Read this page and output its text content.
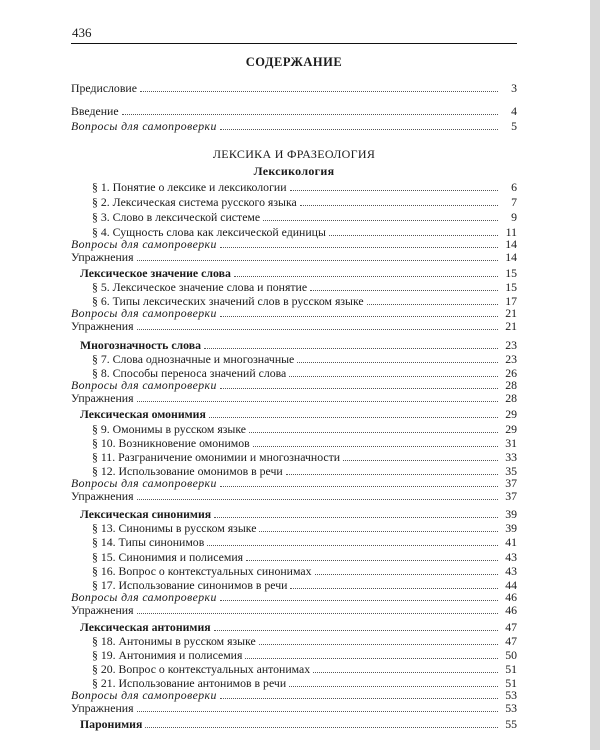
436
СОДЕРЖАНИЕ
ЛЕКСИКА И ФРАЗЕОЛОГИЯ
Лексикология
Предисловие	3
Введение	4
Вопросы для самопроверки	5
§ 1. Понятие о лексике и лексикологии	6
§ 2. Лексическая система русского языка	7
§ 3. Слово в лексической системе	9
§ 4. Сущность слова как лексической единицы	11
Вопросы для самопроверки	14
Упражнения	14
Лексическое значение слова	15
§ 5. Лексическое значение слова и понятие	15
§ 6. Типы лексических значений слов в русском языке	17
Вопросы для самопроверки	21
Упражнения	21
Многозначность слова	23
§ 7. Слова однозначные и многозначные	23
§ 8. Способы переноса значений слова	26
Вопросы для самопроверки	28
Упражнения	28
Лексическая омонимия	29
§ 9. Омонимы в русском языке	29
§ 10. Возникновение омонимов	31
§ 11. Разграничение омонимии и многозначности	33
§ 12. Использование омонимов в речи	35
Вопросы для самопроверки	37
Упражнения	37
Лексическая синонимия	39
§ 13. Синонимы в русском языке	39
§ 14. Типы синонимов	41
§ 15. Синонимия и полисемия	43
§ 16. Вопрос о контекстуальных синонимах	43
§ 17. Использование синонимов в речи	44
Вопросы для самопроверки	46
Упражнения	46
Лексическая антонимия	47
§ 18. Антонимы в русском языке	47
§ 19. Антонимия и полисемия	50
§ 20. Вопрос о контекстуальных антонимах	51
§ 21. Использование антонимов в речи	51
Вопросы для самопроверки	53
Упражнения	53
Паронимия	55
